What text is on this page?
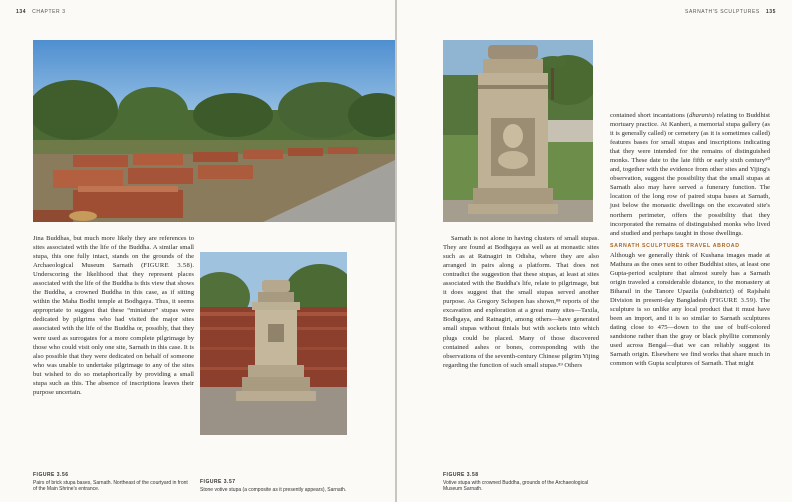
134 CHAPTER 3

Jina Buddhas, but much more likely they are references to sites associated with the life of the Buddha. A similar small stupa, this one fully intact, stands on the grounds of the Archaeological Museum Sarnath (FIGURE 3.58). Underscoring the likelihood that they represent places associated with the life of the Buddha is this view that shows the Buddha, a crowned Buddha in this case, as if sitting within the Maha Bodhi temple at Bodhgaya. Thus, it seems appropriate to suggest that these “miniature” stupas were dedicated by pilgrims who had visited the major sites associated with the life of the Buddha or, possibly, that they were used as surrogates for a more complete pilgrimage by those who could visit only one site, Sarnath in this case. It is also possible that they were dedicated on behalf of someone who was unable to undertake pilgrimage to any of the sites but wished to do so metaphorically by providing a small stupa such as this. The absence of inscriptions leaves their purpose uncertain.

FIGURE 3.56
Pairs of brick stupa bases, Sarnath. Northeast of the courtyard in front of the Main Shrine's entrance.
FIGURE 3.57
Stone votive stupa (a composite as it presently appears), Sarnath.
SARNATH'S SCULPTURES 135

Sarnath is not alone in having clusters of small stupas. They are found at Bodhgaya as well as at monastic sites such as at Ratnagiri in Odisha, where they are also arranged in pairs along a platform. That does not contradict the suggestion that these stupas, at least at sites associated with the Buddha's life, relate to pilgrimage, but it does suggest that the small stupas served another purpose. As Gregory Schopen has shown,⁸⁸ reports of the excavation and exploration at a great many sites—Taxila, Bodhgaya, and Ratnagiri, among others—have generated small stupas without finials but with sockets into which plugs could be placed. Many of those discovered contained ashes or bones, corresponding with the observations of the seventh-century Chinese pilgrim Yijing regarding the function of such small stupas.⁸⁹ Others

contained short incantations (dharanis) relating to Buddhist mortuary practice. At Kanheri, a memorial stupa gallery (as it is generally called) or cemetery (as it is sometimes called) features bases for small stupas and inscriptions indicating that they were intended for the remains of distinguished monks. These date to the late fifth or early sixth century⁹⁰ and, together with the evidence from other sites and Yijing's observation, suggest the possibility that the small stupas at Sarnath also may have served a funerary function. The location of the long row of paired stupa bases at Sarnath, just below the monastic dwellings on the excavated site's northern perimeter, offers the possibility that they incorporated the remains of distinguished monks who lived and studied and perhaps taught in those dwellings.

SARNATH SCULPTURES TRAVEL ABROAD

Although we generally think of Kushana images made at Mathura as the ones sent to other Buddhist sites, at least one Gupta-period sculpture that almost surely has a Sarnath origin traveled a considerable distance, to the monastery at Biharail in the Tanore Upazila (subdistrict) of Rajshahi Division in present-day Bangladesh (FIGURE 3.59). The sculpture is so unlike any local product that it must have been an import, and it is so similar to Sarnath sculptures dating close to 475—down to the use of buff-colored sandstone rather than the gray or black phyllite commonly used across Bengal—that we can reliably suggest its Sarnath origin. Elsewhere we find works that share much in common with Gupta sculptures of Sarnath. That might

FIGURE 3.58
Votive stupa with crowned Buddha, grounds of the Archaeological Museum Sarnath.
